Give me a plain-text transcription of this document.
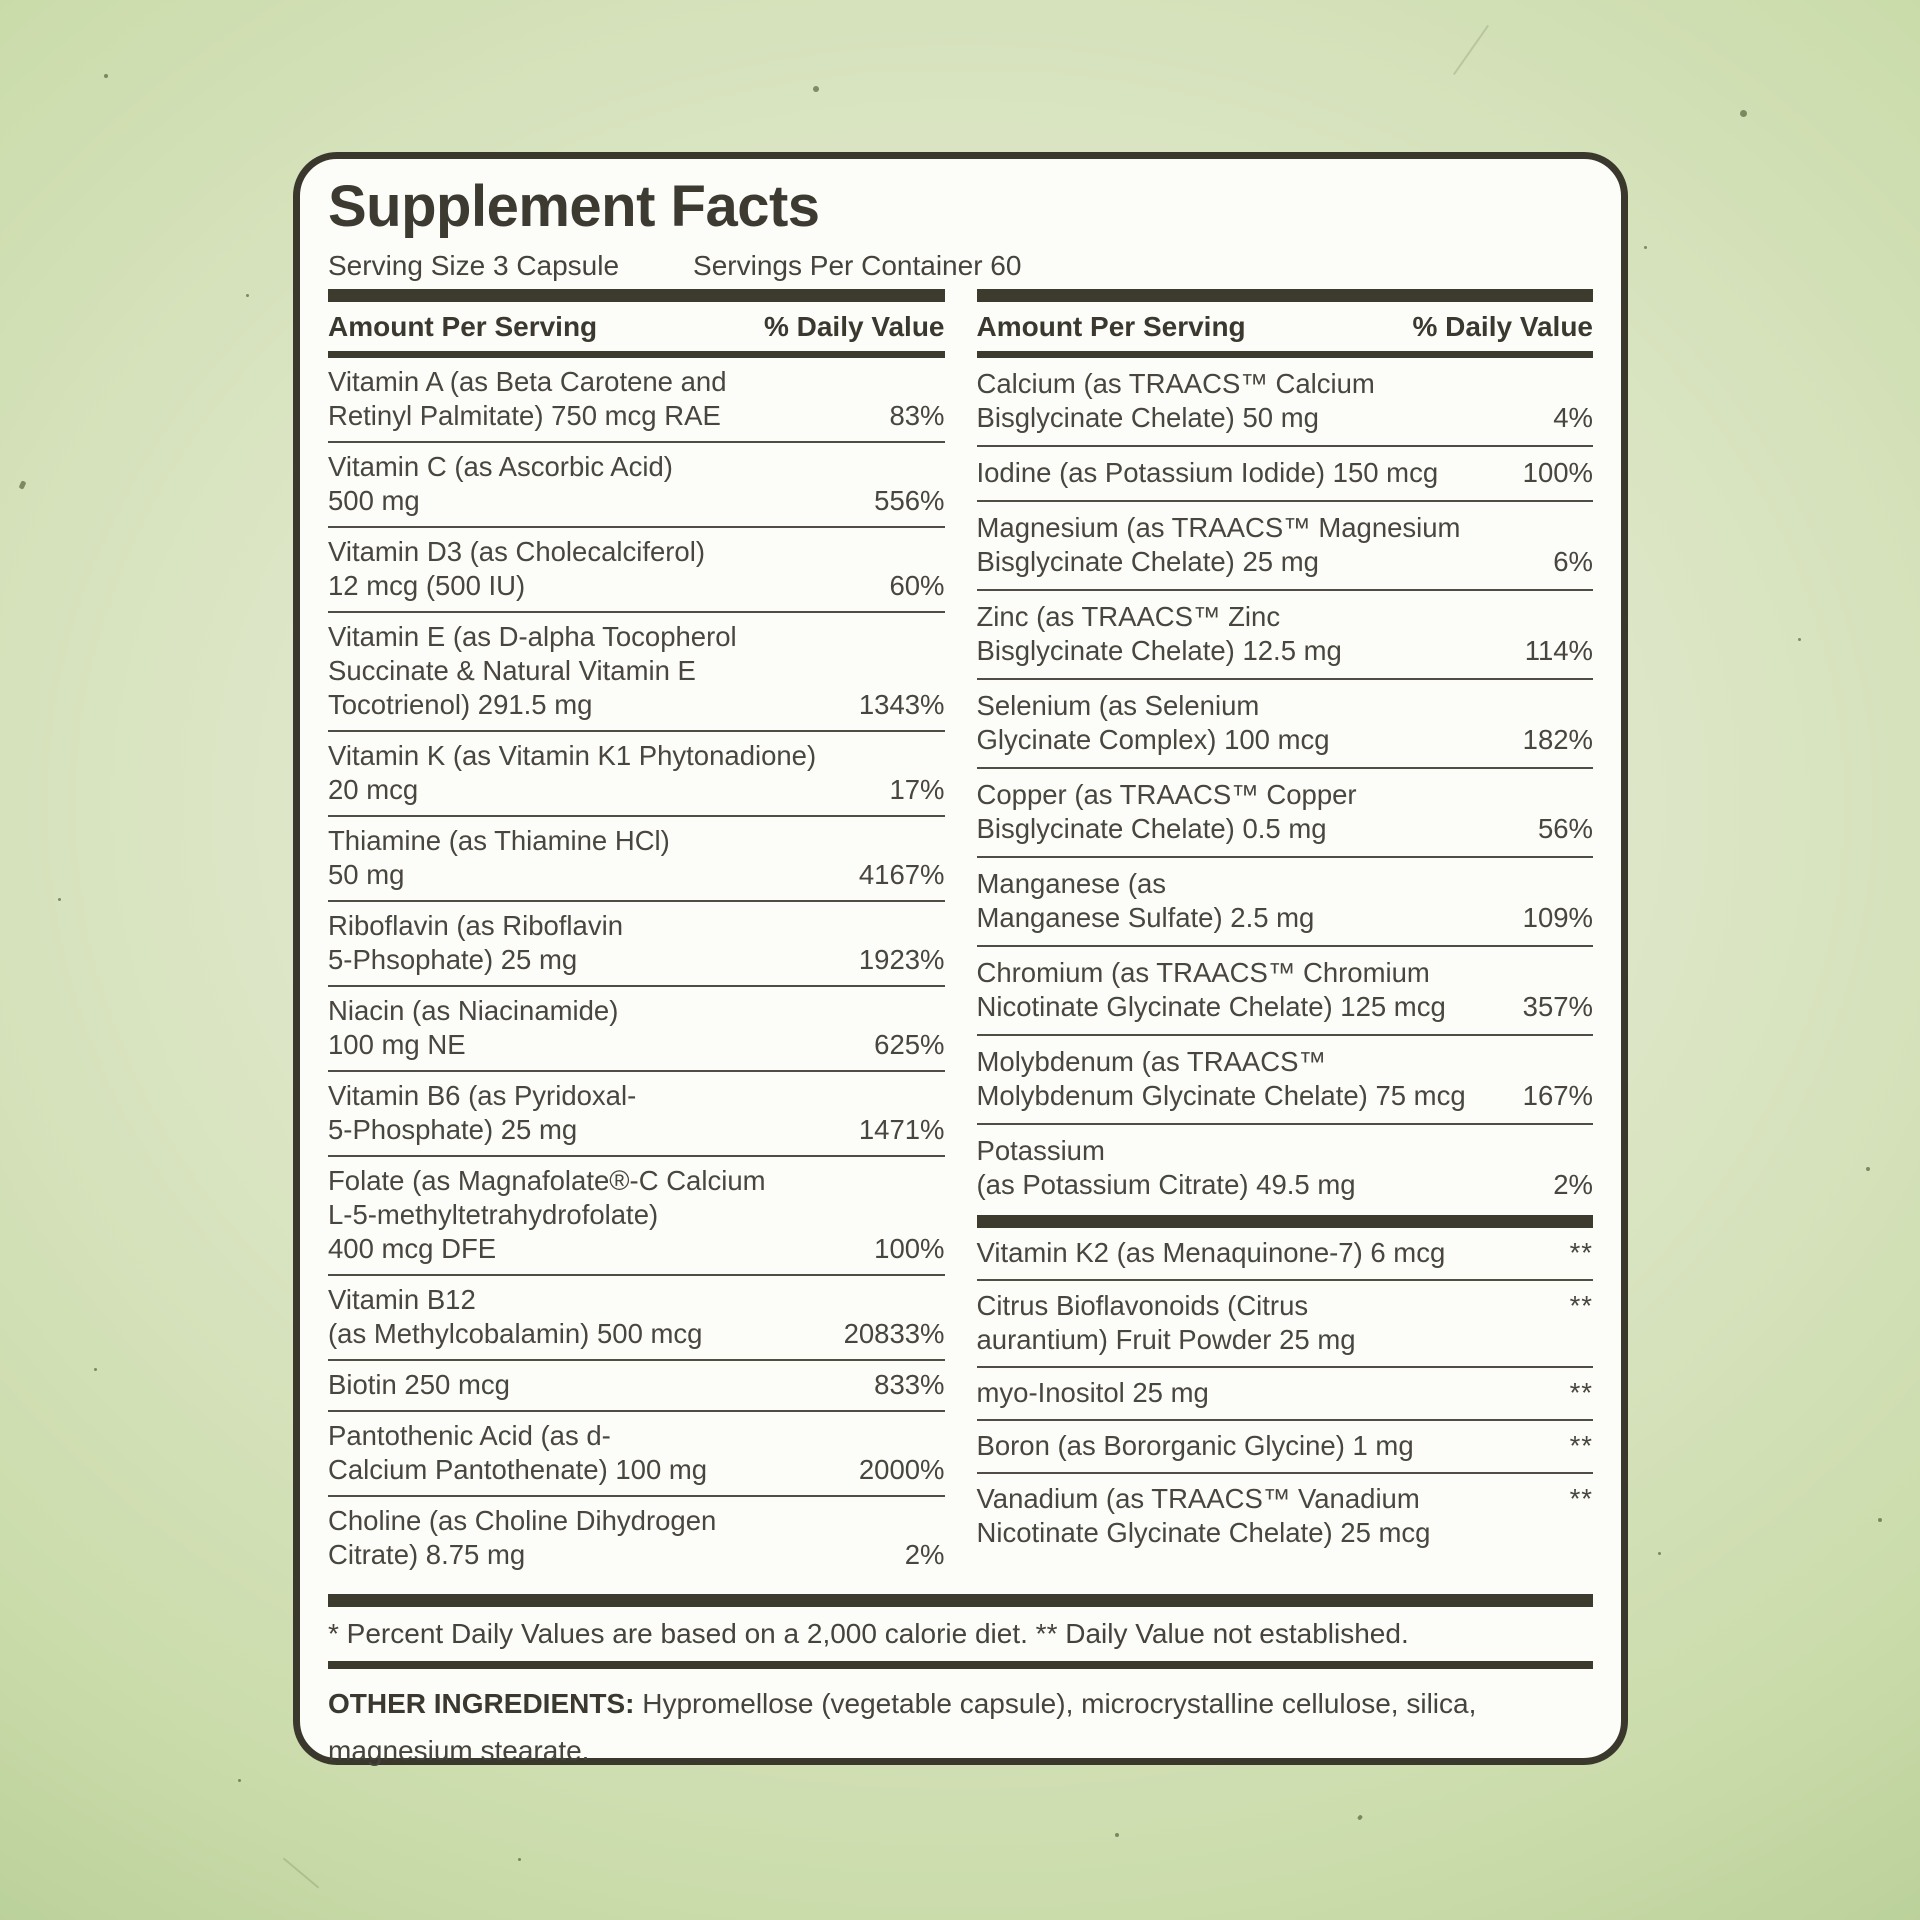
Supplement Facts
Serving Size 3 Capsule	Servings Per Container 60
Amount Per Serving	% Daily Value
Vitamin A (as Beta Carotene and
Retinyl Palmitate) 750 mcg RAE	83%
Vitamin C (as Ascorbic Acid)
500 mg	556%
Vitamin D3 (as Cholecalciferol)
12 mcg (500 IU)	60%
Vitamin E (as D-alpha Tocopherol
Succinate & Natural Vitamin E
Tocotrienol) 291.5 mg	1343%
Vitamin K (as Vitamin K1 Phytonadione)
20 mcg	17%
Thiamine (as Thiamine HCl)
50 mg	4167%
Riboflavin (as Riboflavin
5-Phsophate) 25 mg	1923%
Niacin (as Niacinamide)
100 mg NE	625%
Vitamin B6 (as Pyridoxal-
5-Phosphate) 25 mg	1471%
Folate (as Magnafolate®-C Calcium
L-5-methyltetrahydrofolate)
400 mcg DFE	100%
Vitamin B12
(as Methylcobalamin) 500 mcg	20833%
Biotin 250 mcg	833%
Pantothenic Acid (as d-
Calcium Pantothenate) 100 mg	2000%
Choline (as Choline Dihydrogen
Citrate) 8.75 mg	2%
Amount Per Serving	% Daily Value
Calcium (as TRAACS™ Calcium
Bisglycinate Chelate) 50 mg	4%
Iodine (as Potassium Iodide) 150 mcg	100%
Magnesium (as TRAACS™ Magnesium
Bisglycinate Chelate) 25 mg	6%
Zinc (as TRAACS™ Zinc
Bisglycinate Chelate) 12.5 mg	114%
Selenium (as Selenium
Glycinate Complex) 100 mcg	182%
Copper (as TRAACS™ Copper
Bisglycinate Chelate) 0.5 mg	56%
Manganese (as
Manganese Sulfate) 2.5 mg	109%
Chromium (as TRAACS™ Chromium
Nicotinate Glycinate Chelate) 125 mcg	357%
Molybdenum (as TRAACS™
Molybdenum Glycinate Chelate) 75 mcg 167%
Potassium
(as Potassium Citrate) 49.5 mg	2%
Vitamin K2 (as Menaquinone-7) 6 mcg	**
Citrus Bioflavonoids (Citrus
aurantium) Fruit Powder 25 mg
**
myo-Inositol 25 mg	**
Boron (as Bororganic Glycine) 1 mg	**
Vanadium (as TRAACS™ Vanadium
Nicotinate Glycinate Chelate) 25 mcg
**
* Percent Daily Values are based on a 2,000 calorie diet. ** Daily Value not established.
OTHER INGREDIENTS: Hypromellose (vegetable capsule), microcrystalline cellulose, silica, magnesium stearate.
